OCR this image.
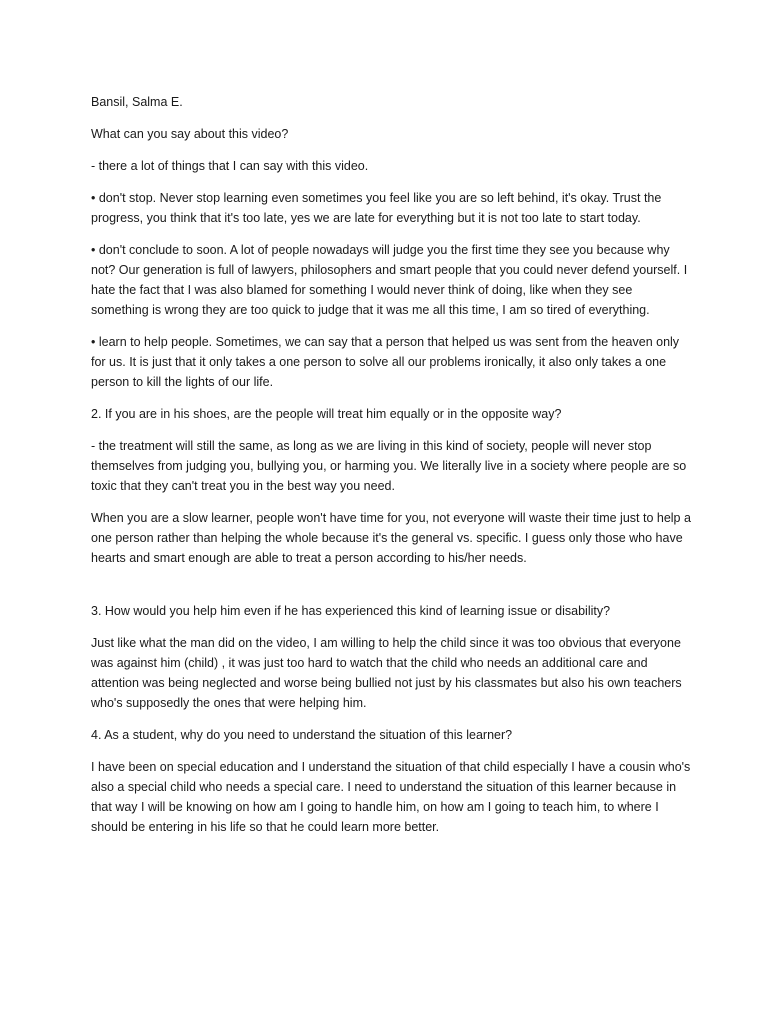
Bansil, Salma E.

What can you say about this video?

- there a lot of things that I can say with this video.

• don't stop. Never stop learning even sometimes you feel like you are so left behind, it's okay. Trust the progress, you think that it's too late, yes we are late for everything but it is not too late to start today.

• don't conclude to soon. A lot of people nowadays will judge you the first time they see you because why not? Our generation is full of lawyers, philosophers and smart people that you could never defend yourself. I hate the fact that I was also blamed for something I would never think of doing, like when they see something is wrong they are too quick to judge that it was me all this time, I am so tired of everything.

• learn to help people. Sometimes, we can say that a person that helped us was sent from the heaven only for us. It is just that it only takes a one person to solve all our problems ironically, it also only takes a one person to kill the lights of our life.

2. If you are in his shoes, are the people will treat him equally or in the opposite way?

- the treatment will still the same, as long as we are living in this kind of society, people will never stop themselves from judging you, bullying you, or harming you. We literally live in a society where people are so toxic that they can't treat you in the best way you need.

When you are a slow learner, people won't have time for you, not everyone will waste their time just to help a one person rather than helping the whole because it's the general vs. specific. I guess only those who have hearts and smart enough are able to treat a person according to his/her needs.

3. How would you help him even if he has experienced this kind of learning issue or disability?

Just like what the man did on the video, I am willing to help the child since it was too obvious that everyone was against him (child) , it was just too hard to watch that the child who needs an additional care and attention was being neglected and worse being bullied not just by his classmates but also his own teachers who's supposedly the ones that were helping him.

4. As a student, why do you need to understand the situation of this learner?

I have been on special education and I understand the situation of that child especially I have a cousin who's also a special child who needs a special care. I need to understand the situation of this learner because in that way I will be knowing on how am I going to handle him, on how am I going to teach him, to where I should be entering in his life so that he could learn more better.
